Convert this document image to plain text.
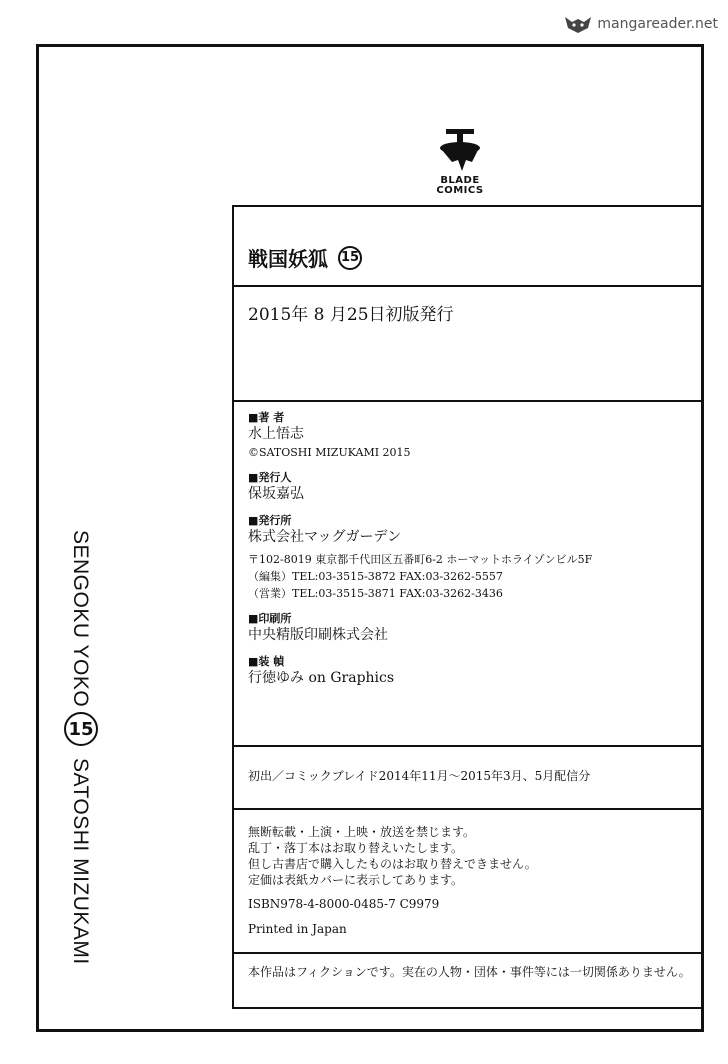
mangareader.net
SENGOKU YOKO
15
SATOSHI MIZUKAMI
BLADE
COMICS
戦国妖狐 15
2015年 8 月25日初版発行
■著 者
水上悟志
©SATOSHI MIZUKAMI 2015
■発行人
保坂嘉弘
■発行所
株式会社マッグガーデン
〒102-8019 東京都千代田区五番町6-2 ホーマットホライゾンビル5F
（編集）TEL:03-3515-3872 FAX:03-3262-5557
（営業）TEL:03-3515-3871 FAX:03-3262-3436
■印刷所
中央精版印刷株式会社
■装 幀
行徳ゆみ on Graphics
初出／コミックブレイド2014年11月～2015年3月、5月配信分
無断転載・上演・上映・放送を禁じます。
乱丁・落丁本はお取り替えいたします。
但し古書店で購入したものはお取り替えできません。
定価は表紙カバーに表示してあります。
ISBN978-4-8000-0485-7 C9979
Printed in Japan
本作品はフィクションです。実在の人物・団体・事件等には一切関係ありません。
